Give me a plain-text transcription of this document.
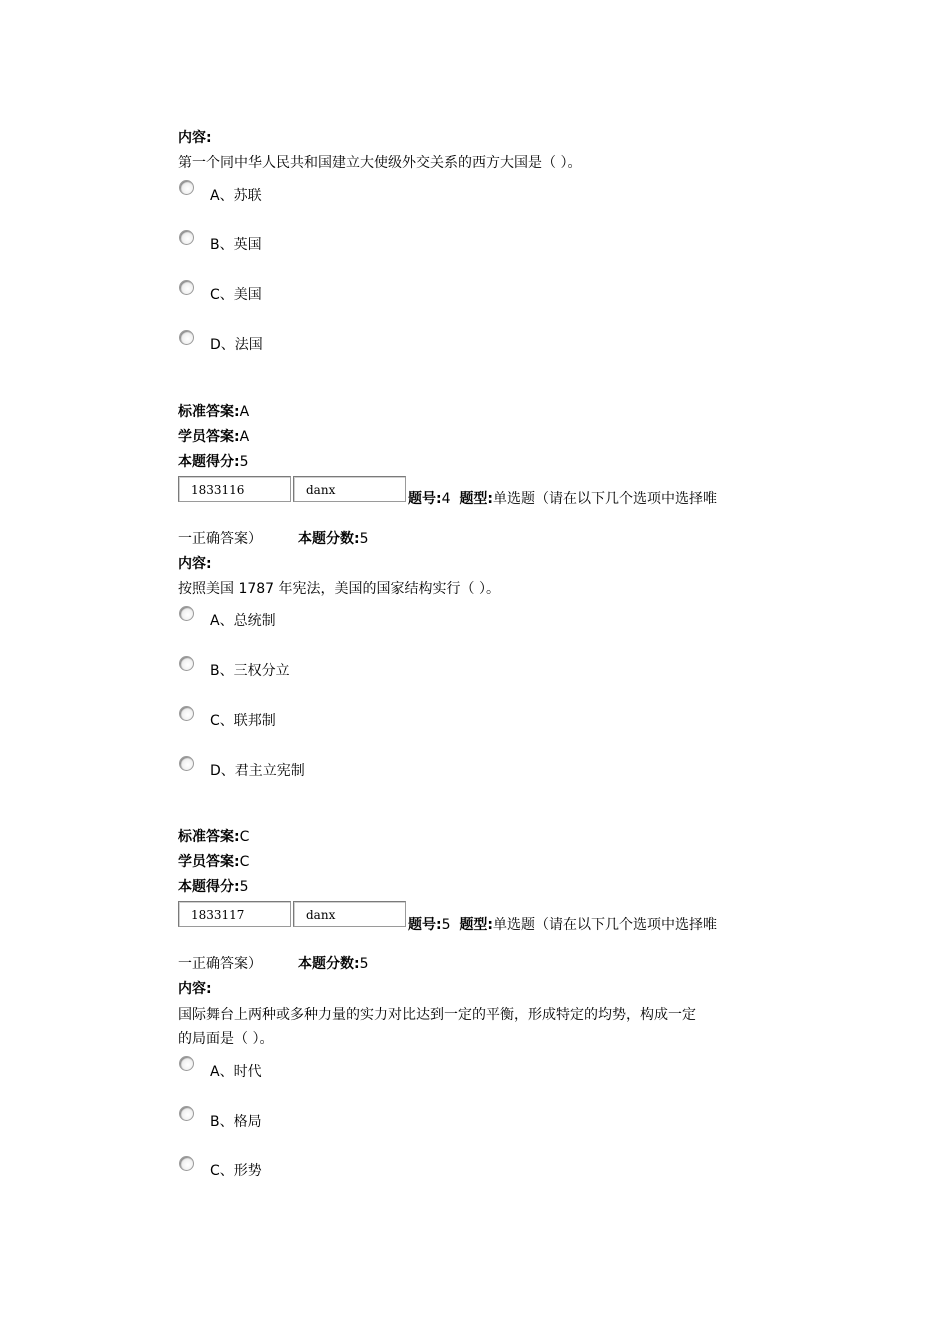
内容:
第一个同中华人民共和国建立大使级外交关系的西方大国是（ ）。
A、苏联
B、英国
C、美国
D、法国
标准答案:A
学员答案:A
本题得分:5
1833116	danx
题号:4 题型:单选题（请在以下几个选项中选择唯
一正确答案）	本题分数:5
内容:
按照美国 1787 年宪法，美国的国家结构实行（ ）。
A、总统制
B、三权分立
C、联邦制
D、君主立宪制
标准答案:C
学员答案:C
本题得分:5
1833117	danx
题号:5 题型:单选题（请在以下几个选项中选择唯
一正确答案）	本题分数:5
内容:
国际舞台上两种或多种力量的实力对比达到一定的平衡，形成特定的均势，构成一定
的局面是（ ）。
A、时代
B、格局
C、形势
